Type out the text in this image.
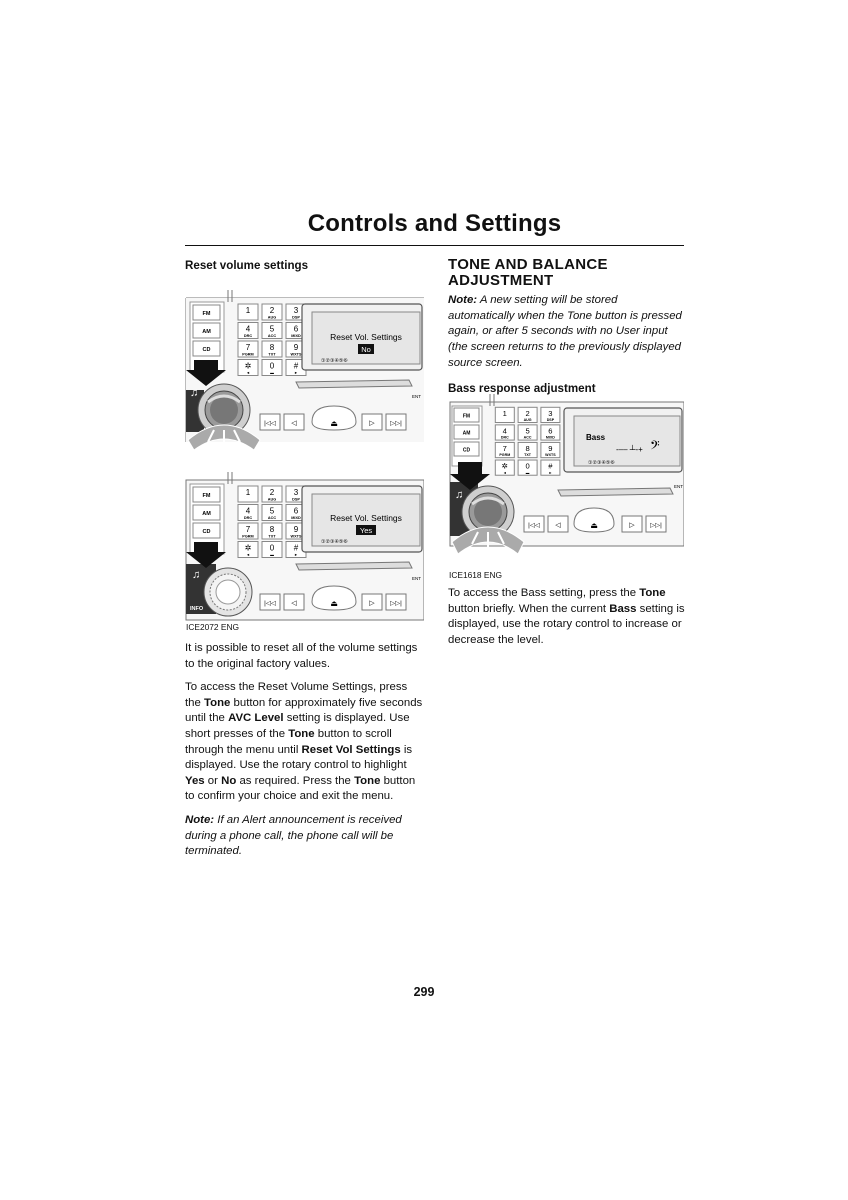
Controls and Settings
Reset volume settings
FM
AM
CD
1 2
AUG
3
DSP
4
DRC
5
ACC
6
MIXD
7
PGRM
8
TXT
9
WXTS
✲
◄
0
▬
#
►
Reset Vol. Settings
No
①②③④⑤⑥
ENT
♫
|◁◁ ◁	⏏	▷ ▷▷|
FM
AM
CD
1 2
AUG
3
DSP
4
DRC
5
ACC
6
MIXD
7
PGRM
8
TXT
9
WXTS
✲
◄
0
▬
#
►
Reset Vol. Settings
Yes
①②③④⑤⑥
ENT
♫
INFO
|◁◁ ◁	⏏	▷ ▷▷|
ICE2072 ENG

It is possible to reset all of the volume settings to the original factory values.

To access the Reset Volume Settings, press the Tone button for approximately five seconds until the AVC Level setting is displayed. Use short presses of the Tone button to scroll through the menu until Reset Vol Settings is displayed. Use the rotary control to highlight Yes or No as required. Press the Tone button to confirm your choice and exit the menu.

Note: If an Alert announcement is received during a phone call, the phone call will be terminated.

TONE AND BALANCE ADJUSTMENT

Note: A new setting will be stored automatically when the Tone button is pressed again, or after 5 seconds with no User input (the screen returns to the previously displayed source screen.

Bass response adjustment
FM
AM
CD
1 2
AUG
3
DSP
4
DRC
5
ACC
6
MIXD
7
PGRM
8
TXT
9
WXTS
✲
◄
0
▬
#
►
Bass
-–– ┴-+ 𝄢
①②③④⑤⑥
ENT
♫
|◁◁ ◁	⏏	▷ ▷▷|
ICE1618 ENG

To access the Bass setting, press the Tone button briefly. When the current Bass setting is displayed, use the rotary control to increase or decrease the level.

299
